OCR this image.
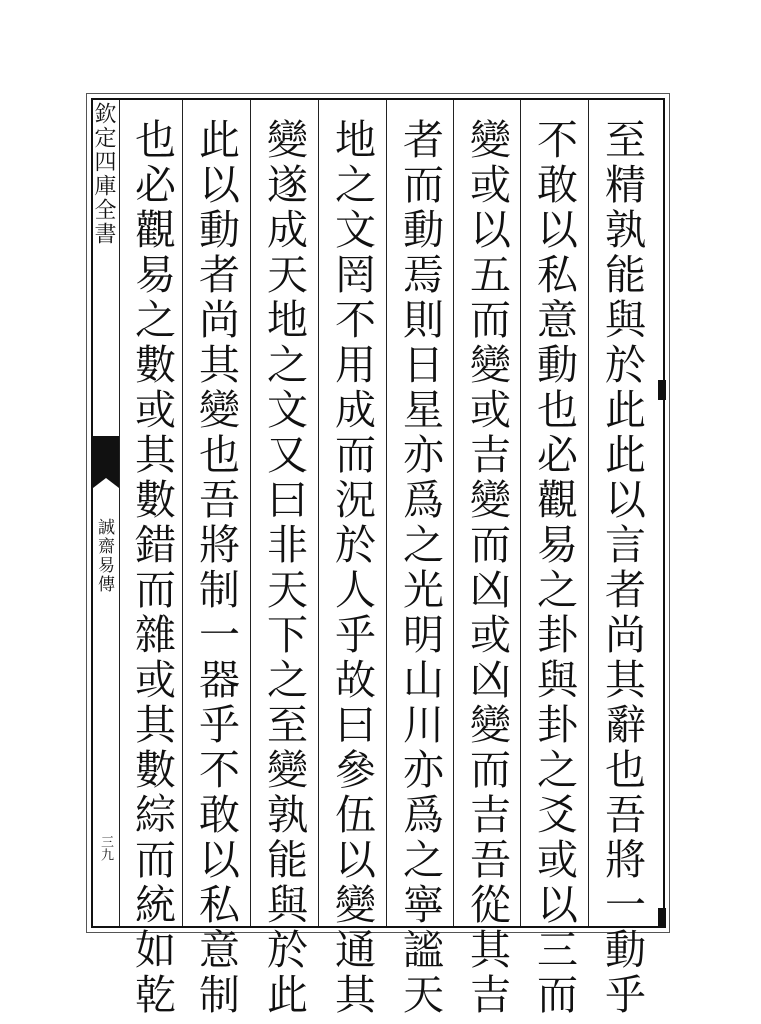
欽定四庫全書
誠齋易傳
三九	至精孰能與於此此以言者尚其辭也吾將一動乎
不敢以私意動也必觀易之卦與卦之爻或以三而
變或以五而變或吉變而凶或凶變而吉吾從其吉
者而動焉則日星亦爲之光明山川亦爲之寧謐天
地之文罔不用成而況於人乎故曰參伍以變通其
變遂成天地之文又曰非天下之至變孰能與於此
此以動者尚其變也吾將制一器乎不敢以私意制
也必觀易之數或其數錯而雜或其數綜而統如乾
